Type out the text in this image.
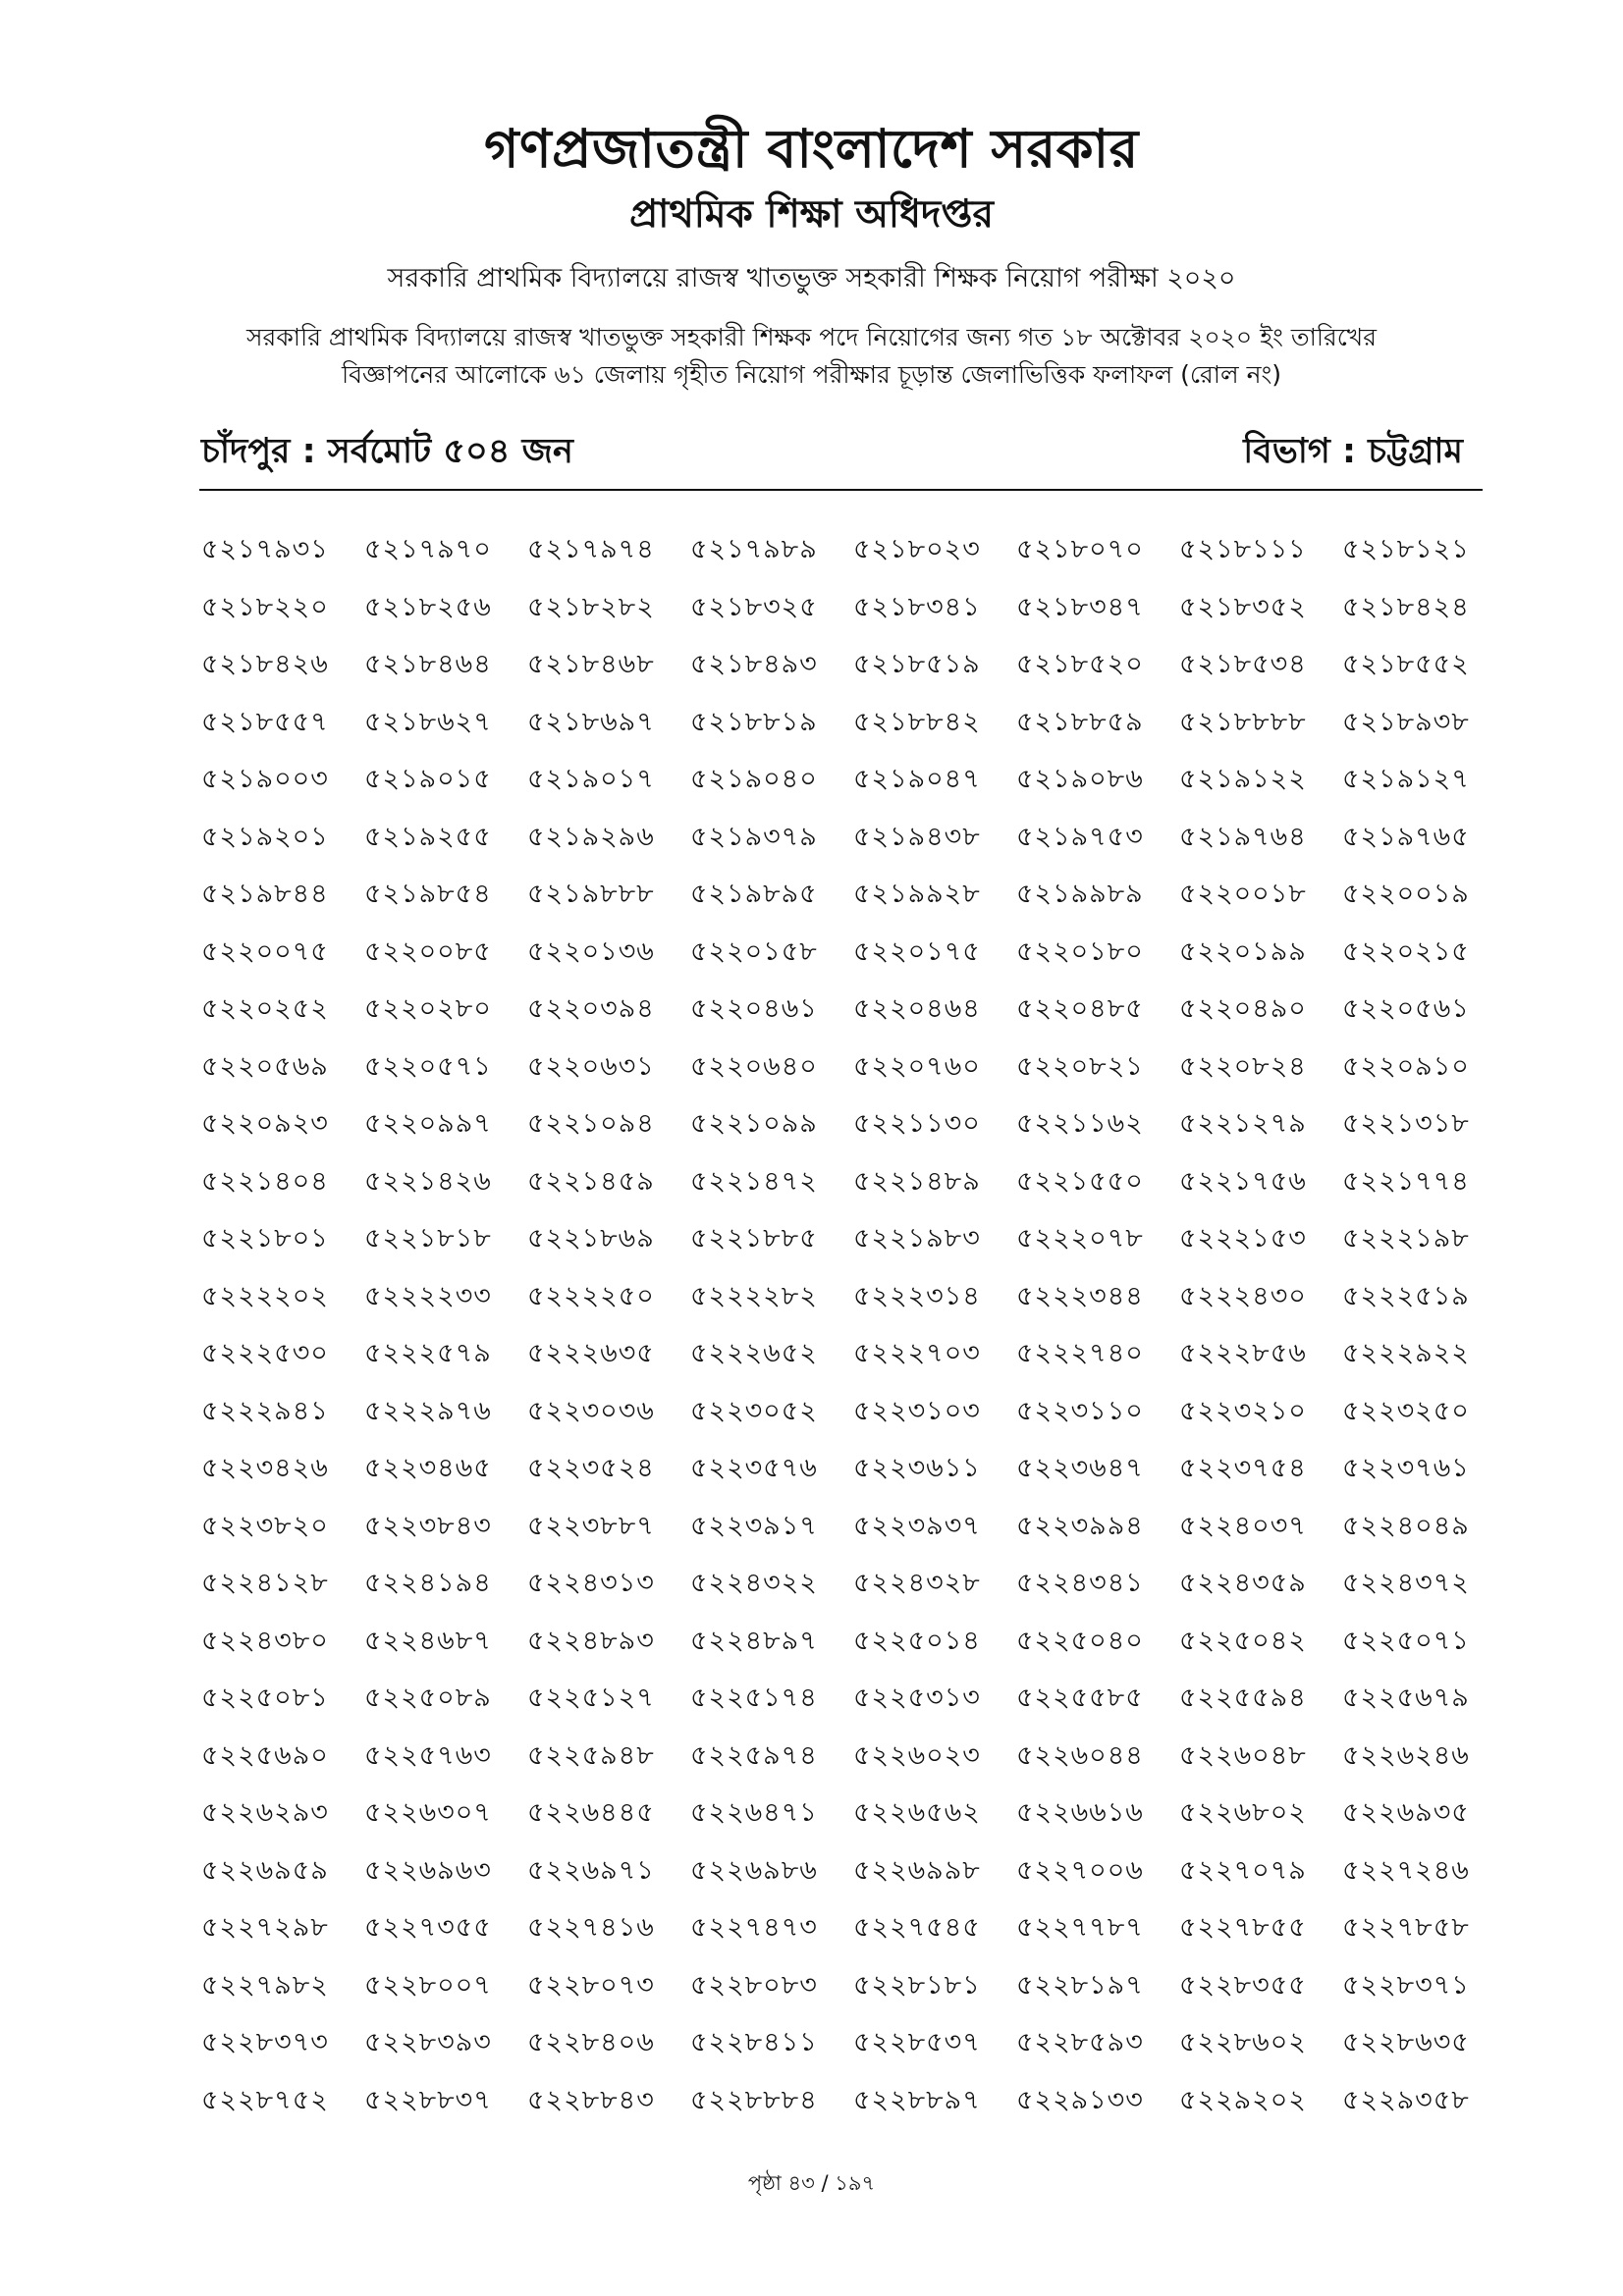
গণপ্রজাতন্ত্রী বাংলাদেশ সরকার
প্রাথমিক শিক্ষা অধিদপ্তর
সরকারি প্রাথমিক বিদ্যালয়ে রাজস্ব খাতভুক্ত সহকারী শিক্ষক নিয়োগ পরীক্ষা ২০২০
সরকারি প্রাথমিক বিদ্যালয়ে রাজস্ব খাতভুক্ত সহকারী শিক্ষক পদে নিয়োগের জন্য গত ১৮ অক্টোবর ২০২০ ইং তারিখের
বিজ্ঞাপনের আলোকে ৬১ জেলায় গৃহীত নিয়োগ পরীক্ষার চূড়ান্ত জেলাভিত্তিক ফলাফল (রোল নং)
চাঁদপুর : সর্বমোট ৫০৪ জন	বিভাগ : চট্টগ্রাম
৫২১৭৯৩১	৫২১৭৯৭০	৫২১৭৯৭৪	৫২১৭৯৮৯	৫২১৮০২৩	৫২১৮০৭০	৫২১৮১১১	৫২১৮১২১
৫২১৮২২০	৫২১৮২৫৬	৫২১৮২৮২	৫২১৮৩২৫	৫২১৮৩৪১	৫২১৮৩৪৭	৫২১৮৩৫২	৫২১৮৪২৪
৫২১৮৪২৬	৫২১৮৪৬৪	৫২১৮৪৬৮	৫২১৮৪৯৩	৫২১৮৫১৯	৫২১৮৫২০	৫২১৮৫৩৪	৫২১৮৫৫২
৫২১৮৫৫৭	৫২১৮৬২৭	৫২১৮৬৯৭	৫২১৮৮১৯	৫২১৮৮৪২	৫২১৮৮৫৯	৫২১৮৮৮৮	৫২১৮৯৩৮
৫২১৯০০৩	৫২১৯০১৫	৫২১৯০১৭	৫২১৯০৪০	৫২১৯০৪৭	৫২১৯০৮৬	৫২১৯১২২	৫২১৯১২৭
৫২১৯২০১	৫২১৯২৫৫	৫২১৯২৯৬	৫২১৯৩৭৯	৫২১৯৪৩৮	৫২১৯৭৫৩	৫২১৯৭৬৪	৫২১৯৭৬৫
৫২১৯৮৪৪	৫২১৯৮৫৪	৫২১৯৮৮৮	৫২১৯৮৯৫	৫২১৯৯২৮	৫২১৯৯৮৯	৫২২০০১৮	৫২২০০১৯
৫২২০০৭৫	৫২২০০৮৫	৫২২০১৩৬	৫২২০১৫৮	৫২২০১৭৫	৫২২০১৮০	৫২২০১৯৯	৫২২০২১৫
৫২২০২৫২	৫২২০২৮০	৫২২০৩৯৪	৫২২০৪৬১	৫২২০৪৬৪	৫২২০৪৮৫	৫২২০৪৯০	৫২২০৫৬১
৫২২০৫৬৯	৫২২০৫৭১	৫২২০৬৩১	৫২২০৬৪০	৫২২০৭৬০	৫২২০৮২১	৫২২০৮২৪	৫২২০৯১০
৫২২০৯২৩	৫২২০৯৯৭	৫২২১০৯৪	৫২২১০৯৯	৫২২১১৩০	৫২২১১৬২	৫২২১২৭৯	৫২২১৩১৮
৫২২১৪০৪	৫২২১৪২৬	৫২২১৪৫৯	৫২২১৪৭২	৫২২১৪৮৯	৫২২১৫৫০	৫২২১৭৫৬	৫২২১৭৭৪
৫২২১৮০১	৫২২১৮১৮	৫২২১৮৬৯	৫২২১৮৮৫	৫২২১৯৮৩	৫২২২০৭৮	৫২২২১৫৩	৫২২২১৯৮
৫২২২২০২	৫২২২২৩৩	৫২২২২৫০	৫২২২২৮২	৫২২২৩১৪	৫২২২৩৪৪	৫২২২৪৩০	৫২২২৫১৯
৫২২২৫৩০	৫২২২৫৭৯	৫২২২৬৩৫	৫২২২৬৫২	৫২২২৭০৩	৫২২২৭৪০	৫২২২৮৫৬	৫২২২৯২২
৫২২২৯৪১	৫২২২৯৭৬	৫২২৩০৩৬	৫২২৩০৫২	৫২২৩১০৩	৫২২৩১১০	৫২২৩২১০	৫২২৩২৫০
৫২২৩৪২৬	৫২২৩৪৬৫	৫২২৩৫২৪	৫২২৩৫৭৬	৫২২৩৬১১	৫২২৩৬৪৭	৫২২৩৭৫৪	৫২২৩৭৬১
৫২২৩৮২০	৫২২৩৮৪৩	৫২২৩৮৮৭	৫২২৩৯১৭	৫২২৩৯৩৭	৫২২৩৯৯৪	৫২২৪০৩৭	৫২২৪০৪৯
৫২২৪১২৮	৫২২৪১৯৪	৫২২৪৩১৩	৫২২৪৩২২	৫২২৪৩২৮	৫২২৪৩৪১	৫২২৪৩৫৯	৫২২৪৩৭২
৫২২৪৩৮০	৫২২৪৬৮৭	৫২২৪৮৯৩	৫২২৪৮৯৭	৫২২৫০১৪	৫২২৫০৪০	৫২২৫০৪২	৫২২৫০৭১
৫২২৫০৮১	৫২২৫০৮৯	৫২২৫১২৭	৫২২৫১৭৪	৫২২৫৩১৩	৫২২৫৫৮৫	৫২২৫৫৯৪	৫২২৫৬৭৯
৫২২৫৬৯০	৫২২৫৭৬৩	৫২২৫৯৪৮	৫২২৫৯৭৪	৫২২৬০২৩	৫২২৬০৪৪	৫২২৬০৪৮	৫২২৬২৪৬
৫২২৬২৯৩	৫২২৬৩০৭	৫২২৬৪৪৫	৫২২৬৪৭১	৫২২৬৫৬২	৫২২৬৬১৬	৫২২৬৮০২	৫২২৬৯৩৫
৫২২৬৯৫৯	৫২২৬৯৬৩	৫২২৬৯৭১	৫২২৬৯৮৬	৫২২৬৯৯৮	৫২২৭০০৬	৫২২৭০৭৯	৫২২৭২৪৬
৫২২৭২৯৮	৫২২৭৩৫৫	৫২২৭৪১৬	৫২২৭৪৭৩	৫২২৭৫৪৫	৫২২৭৭৮৭	৫২২৭৮৫৫	৫২২৭৮৫৮
৫২২৭৯৮২	৫২২৮০০৭	৫২২৮০৭৩	৫২২৮০৮৩	৫২২৮১৮১	৫২২৮১৯৭	৫২২৮৩৫৫	৫২২৮৩৭১
৫২২৮৩৭৩	৫২২৮৩৯৩	৫২২৮৪০৬	৫২২৮৪১১	৫২২৮৫৩৭	৫২২৮৫৯৩	৫২২৮৬০২	৫২২৮৬৩৫
৫২২৮৭৫২	৫২২৮৮৩৭	৫২২৮৮৪৩	৫২২৮৮৮৪	৫২২৮৮৯৭	৫২২৯১৩৩	৫২২৯২০২	৫২২৯৩৫৮
পৃষ্ঠা ৪৩ / ১৯৭
